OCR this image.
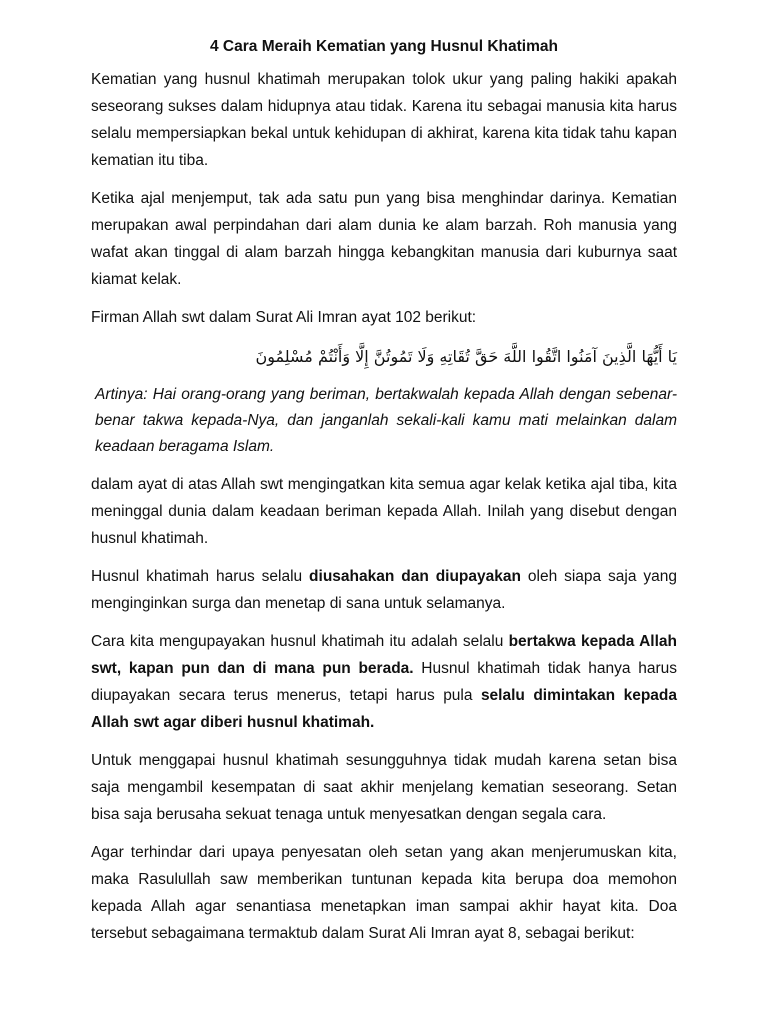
4 Cara Meraih Kematian yang Husnul Khatimah

Kematian yang husnul khatimah merupakan tolok ukur yang paling hakiki apakah seseorang sukses dalam hidupnya atau tidak. Karena itu sebagai manusia kita harus selalu mempersiapkan bekal untuk kehidupan di akhirat, karena kita tidak tahu kapan kematian itu tiba.

Ketika ajal menjemput, tak ada satu pun yang bisa menghindar darinya. Kematian merupakan awal perpindahan dari alam dunia ke alam barzah. Roh manusia yang wafat akan tinggal di alam barzah hingga kebangkitan manusia dari kuburnya saat kiamat kelak.

Firman Allah swt dalam Surat Ali Imran ayat 102 berikut:

يَا أَيُّهَا الَّذِينَ آمَنُوا اتَّقُوا اللَّهَ حَقَّ تُقَاتِهِ وَلَا تَمُوتُنَّ إِلَّا وَأَنْتُمْ مُسْلِمُونَ

Artinya: Hai orang-orang yang beriman, bertakwalah kepada Allah dengan sebenar-benar takwa kepada-Nya, dan janganlah sekali-kali kamu mati melainkan dalam keadaan beragama Islam.

dalam ayat di atas Allah swt mengingatkan kita semua agar kelak ketika ajal tiba, kita meninggal dunia dalam keadaan beriman kepada Allah. Inilah yang disebut dengan husnul khatimah.

Husnul khatimah harus selalu diusahakan dan diupayakan oleh siapa saja yang menginginkan surga dan menetap di sana untuk selamanya.

Cara kita mengupayakan husnul khatimah itu adalah selalu bertakwa kepada Allah swt, kapan pun dan di mana pun berada. Husnul khatimah tidak hanya harus diupayakan secara terus menerus, tetapi harus pula selalu dimintakan kepada Allah swt agar diberi husnul khatimah.

Untuk menggapai husnul khatimah sesungguhnya tidak mudah karena setan bisa saja mengambil kesempatan di saat akhir menjelang kematian seseorang. Setan bisa saja berusaha sekuat tenaga untuk menyesatkan dengan segala cara.

Agar terhindar dari upaya penyesatan oleh setan yang akan menjerumuskan kita, maka Rasulullah saw memberikan tuntunan kepada kita berupa doa memohon kepada Allah agar senantiasa menetapkan iman sampai akhir hayat kita. Doa tersebut sebagaimana termaktub dalam Surat Ali Imran ayat 8, sebagai berikut:
